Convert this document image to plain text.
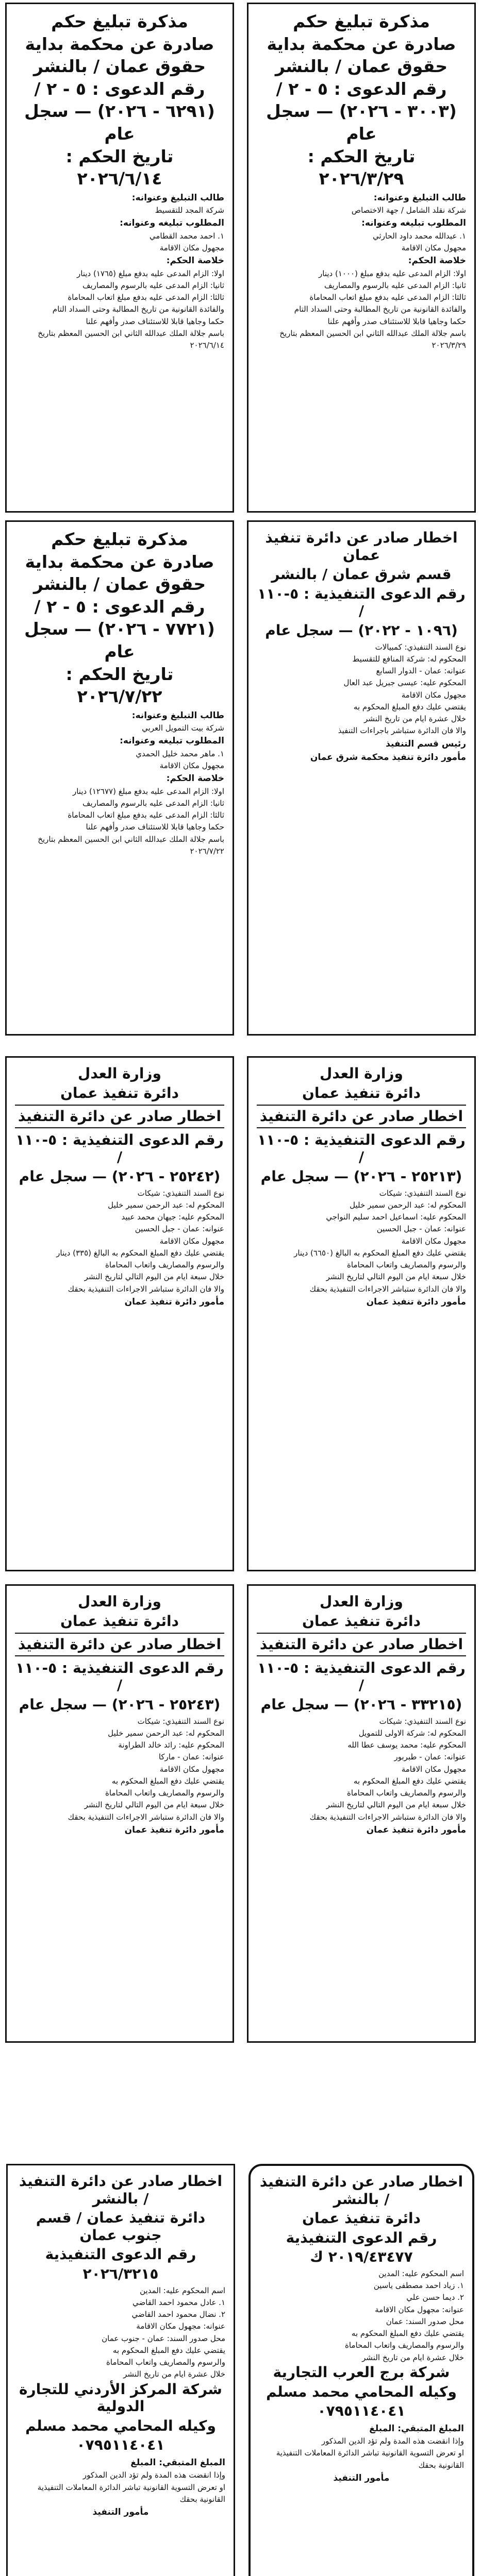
مذكرة تبليغ حكم
صادرة عن محكمة بداية
حقوق عمان / بالنشر
رقم الدعوى : ٥ - ٢ /
(٣٠٠٣ - ٢٠٢٦) — سجل
عام
تاريخ الحكم :
٢٠٢٦/٣/٢٩

طالب التبليغ وعنوانه:

شركة نقلد الشامل / جهة الاختصاص

المطلوب تبليغه وعنوانه:

١. عبدالله محمد داود الحارثي

مجهول مكان الاقامة

خلاصة الحكم:

اولا: الزام المدعى عليه بدفع مبلغ (١٠٠٠) دينار

ثانيا: الزام المدعى عليه بالرسوم والمصاريف

ثالثا: الزام المدعى عليه بدفع مبلغ اتعاب المحاماة

والفائدة القانونية من تاريخ المطالبة وحتى السداد التام

حكما وجاهيا قابلا للاستئناف صدر وأفهم علنا

باسم جلالة الملك عبدالله الثاني ابن الحسين المعظم بتاريخ ٢٠٢٦/٣/٢٩

مذكرة تبليغ حكم
صادرة عن محكمة بداية
حقوق عمان / بالنشر
رقم الدعوى : ٥ - ٢ /
(٦٢٩١ - ٢٠٢٦) — سجل
عام
تاريخ الحكم :
٢٠٢٦/٦/١٤

طالب التبليغ وعنوانه:

شركة المجد للتقسيط

المطلوب تبليغه وعنوانه:

١. احمد محمد القطامي

مجهول مكان الاقامة

خلاصة الحكم:

اولا: الزام المدعى عليه بدفع مبلغ (١٧٦٥) دينار

ثانيا: الزام المدعى عليه بالرسوم والمصاريف

ثالثا: الزام المدعى عليه بدفع مبلغ اتعاب المحاماة

والفائدة القانونية من تاريخ المطالبة وحتى السداد التام

حكما وجاهيا قابلا للاستئناف صدر وأفهم علنا

باسم جلالة الملك عبدالله الثاني ابن الحسين المعظم بتاريخ ٢٠٢٦/٦/١٤

اخطار صادر عن دائرة تنفيذ عمان
قسم شرق عمان / بالنشر
رقم الدعوى التنفيذية : ٥-١١٠ /
(١٠٩٦ - ٢٠٢٢) — سجل عام

نوع السند التنفيذي: كمبيالات

المحكوم له: شركة المنافع للتقسيط

عنوانه: عمان - الدوار السابع

المحكوم عليه: عيسى جبريل عبد العال

مجهول مكان الاقامة

يقتضي عليك دفع المبلغ المحكوم به

خلال عشرة ايام من تاريخ النشر

والا فان الدائرة ستباشر باجراءات التنفيذ

رئيس قسم التنفيذ

مأمور دائرة تنفيذ محكمة شرق عمان

مذكرة تبليغ حكم
صادرة عن محكمة بداية
حقوق عمان / بالنشر
رقم الدعوى : ٥ - ٢ /
(٧٧٢١ - ٢٠٢٦) — سجل
عام
تاريخ الحكم :
٢٠٢٦/٧/٢٢

طالب التبليغ وعنوانه:

شركة بيت التمويل العربي

المطلوب تبليغه وعنوانه:

١. ماهر محمد خليل الحمدي

مجهول مكان الاقامة

خلاصة الحكم:

اولا: الزام المدعى عليه بدفع مبلغ (١٢٦٧٧) دينار

ثانيا: الزام المدعى عليه بالرسوم والمصاريف

ثالثا: الزام المدعى عليه بدفع مبلغ اتعاب المحاماة

حكما وجاهيا قابلا للاستئناف صدر وأفهم علنا

باسم جلالة الملك عبدالله الثاني ابن الحسين المعظم بتاريخ ٢٠٢٦/٧/٢٢

وزارة العدل
دائرة تنفيذ عمان
اخطار صادر عن دائرة التنفيذ
رقم الدعوى التنفيذية : ٥-١١٠ /
(٢٥٢١٣ - ٢٠٢٦) — سجل عام

نوع السند التنفيذي: شيكات

المحكوم له: عبد الرحمن سمير خليل

المحكوم عليه: اسماعيل احمد سليم النواجي

عنوانه: عمان - جبل الحسين

مجهول مكان الاقامة

يقتضي عليك دفع المبلغ المحكوم به البالغ (٦٦٥٠) دينار

والرسوم والمصاريف واتعاب المحاماة

خلال سبعة ايام من اليوم التالي لتاريخ النشر

والا فان الدائرة ستباشر الاجراءات التنفيذية بحقك

مأمور دائرة تنفيذ عمان

وزارة العدل
دائرة تنفيذ عمان
اخطار صادر عن دائرة التنفيذ
رقم الدعوى التنفيذية : ٥-١١٠ /
(٢٥٢٤٢ - ٢٠٢٦) — سجل عام

نوع السند التنفيذي: شيكات

المحكوم له: عبد الرحمن سمير خليل

المحكوم عليه: جيهان محمد عبيد

عنوانه: عمان - جبل الحسين

مجهول مكان الاقامة

يقتضي عليك دفع المبلغ المحكوم به البالغ (٣٣٥) دينار

والرسوم والمصاريف واتعاب المحاماة

خلال سبعة ايام من اليوم التالي لتاريخ النشر

والا فان الدائرة ستباشر الاجراءات التنفيذية بحقك

مأمور دائرة تنفيذ عمان

وزارة العدل
دائرة تنفيذ عمان
اخطار صادر عن دائرة التنفيذ
رقم الدعوى التنفيذية : ٥-١١٠ /
(٣٣٢١٥ - ٢٠٢٦) — سجل عام

نوع السند التنفيذي: شيكات

المحكوم له: شركة الاولى للتمويل

المحكوم عليه: محمد يوسف عطا الله

عنوانه: عمان - طبربور

مجهول مكان الاقامة

يقتضي عليك دفع المبلغ المحكوم به

والرسوم والمصاريف واتعاب المحاماة

خلال سبعة ايام من اليوم التالي لتاريخ النشر

والا فان الدائرة ستباشر الاجراءات التنفيذية بحقك

مأمور دائرة تنفيذ عمان

وزارة العدل
دائرة تنفيذ عمان
اخطار صادر عن دائرة التنفيذ
رقم الدعوى التنفيذية : ٥-١١٠ /
(٢٥٢٤٣ - ٢٠٢٦) — سجل عام

نوع السند التنفيذي: شيكات

المحكوم له: عبد الرحمن سمير خليل

المحكوم عليه: رائد خالد الطراونة

عنوانه: عمان - ماركا

مجهول مكان الاقامة

يقتضي عليك دفع المبلغ المحكوم به

والرسوم والمصاريف واتعاب المحاماة

خلال سبعة ايام من اليوم التالي لتاريخ النشر

والا فان الدائرة ستباشر الاجراءات التنفيذية بحقك

مأمور دائرة تنفيذ عمان

اخطار صادر عن دائرة التنفيذ / بالنشر
دائرة تنفيذ عمان
رقم الدعوى التنفيذية
٢٠١٩/٤٣٤٧٧ ك

اسم المحكوم عليه: المدين

١. زياد احمد مصطفى ياسين

٢. ديما حسن علي

عنوانه: مجهول مكان الاقامة

محل صدور السند: عمان

يقتضي عليك دفع المبلغ المحكوم به

والرسوم والمصاريف واتعاب المحاماة

خلال عشرة ايام من تاريخ النشر

شركة برج العرب التجارية
وكيله المحامي محمد مسلم
٠٧٩٥١١٤٠٤١

المبلغ المتبقي: المبلغ

وإذا انقضت هذه المدة ولم تؤد الدين المذكور

او تعرض التسوية القانونية تباشر الدائرة المعاملات التنفيذية

القانونية بحقك

مأمور التنفيذ

اخطار صادر عن دائرة التنفيذ / بالنشر
دائرة تنفيذ عمان / قسم جنوب عمان
رقم الدعوى التنفيذية
٢٠٢٦/٣٢١٥

اسم المحكوم عليه: المدين

١. عادل محمود احمد القاضي

٢. نضال محمود احمد القاضي

عنوانه: مجهول مكان الاقامة

محل صدور السند: عمان - جنوب عمان

يقتضي عليك دفع المبلغ المحكوم به

والرسوم والمصاريف واتعاب المحاماة

خلال عشرة ايام من تاريخ النشر

شركة المركز الأردني للتجارة الدولية
وكيله المحامي محمد مسلم
٠٧٩٥١١٤٠٤١

المبلغ المتبقي: المبلغ

وإذا انقضت هذه المدة ولم تؤد الدين المذكور

او تعرض التسوية القانونية تباشر الدائرة المعاملات التنفيذية

القانونية بحقك

مأمور التنفيذ
